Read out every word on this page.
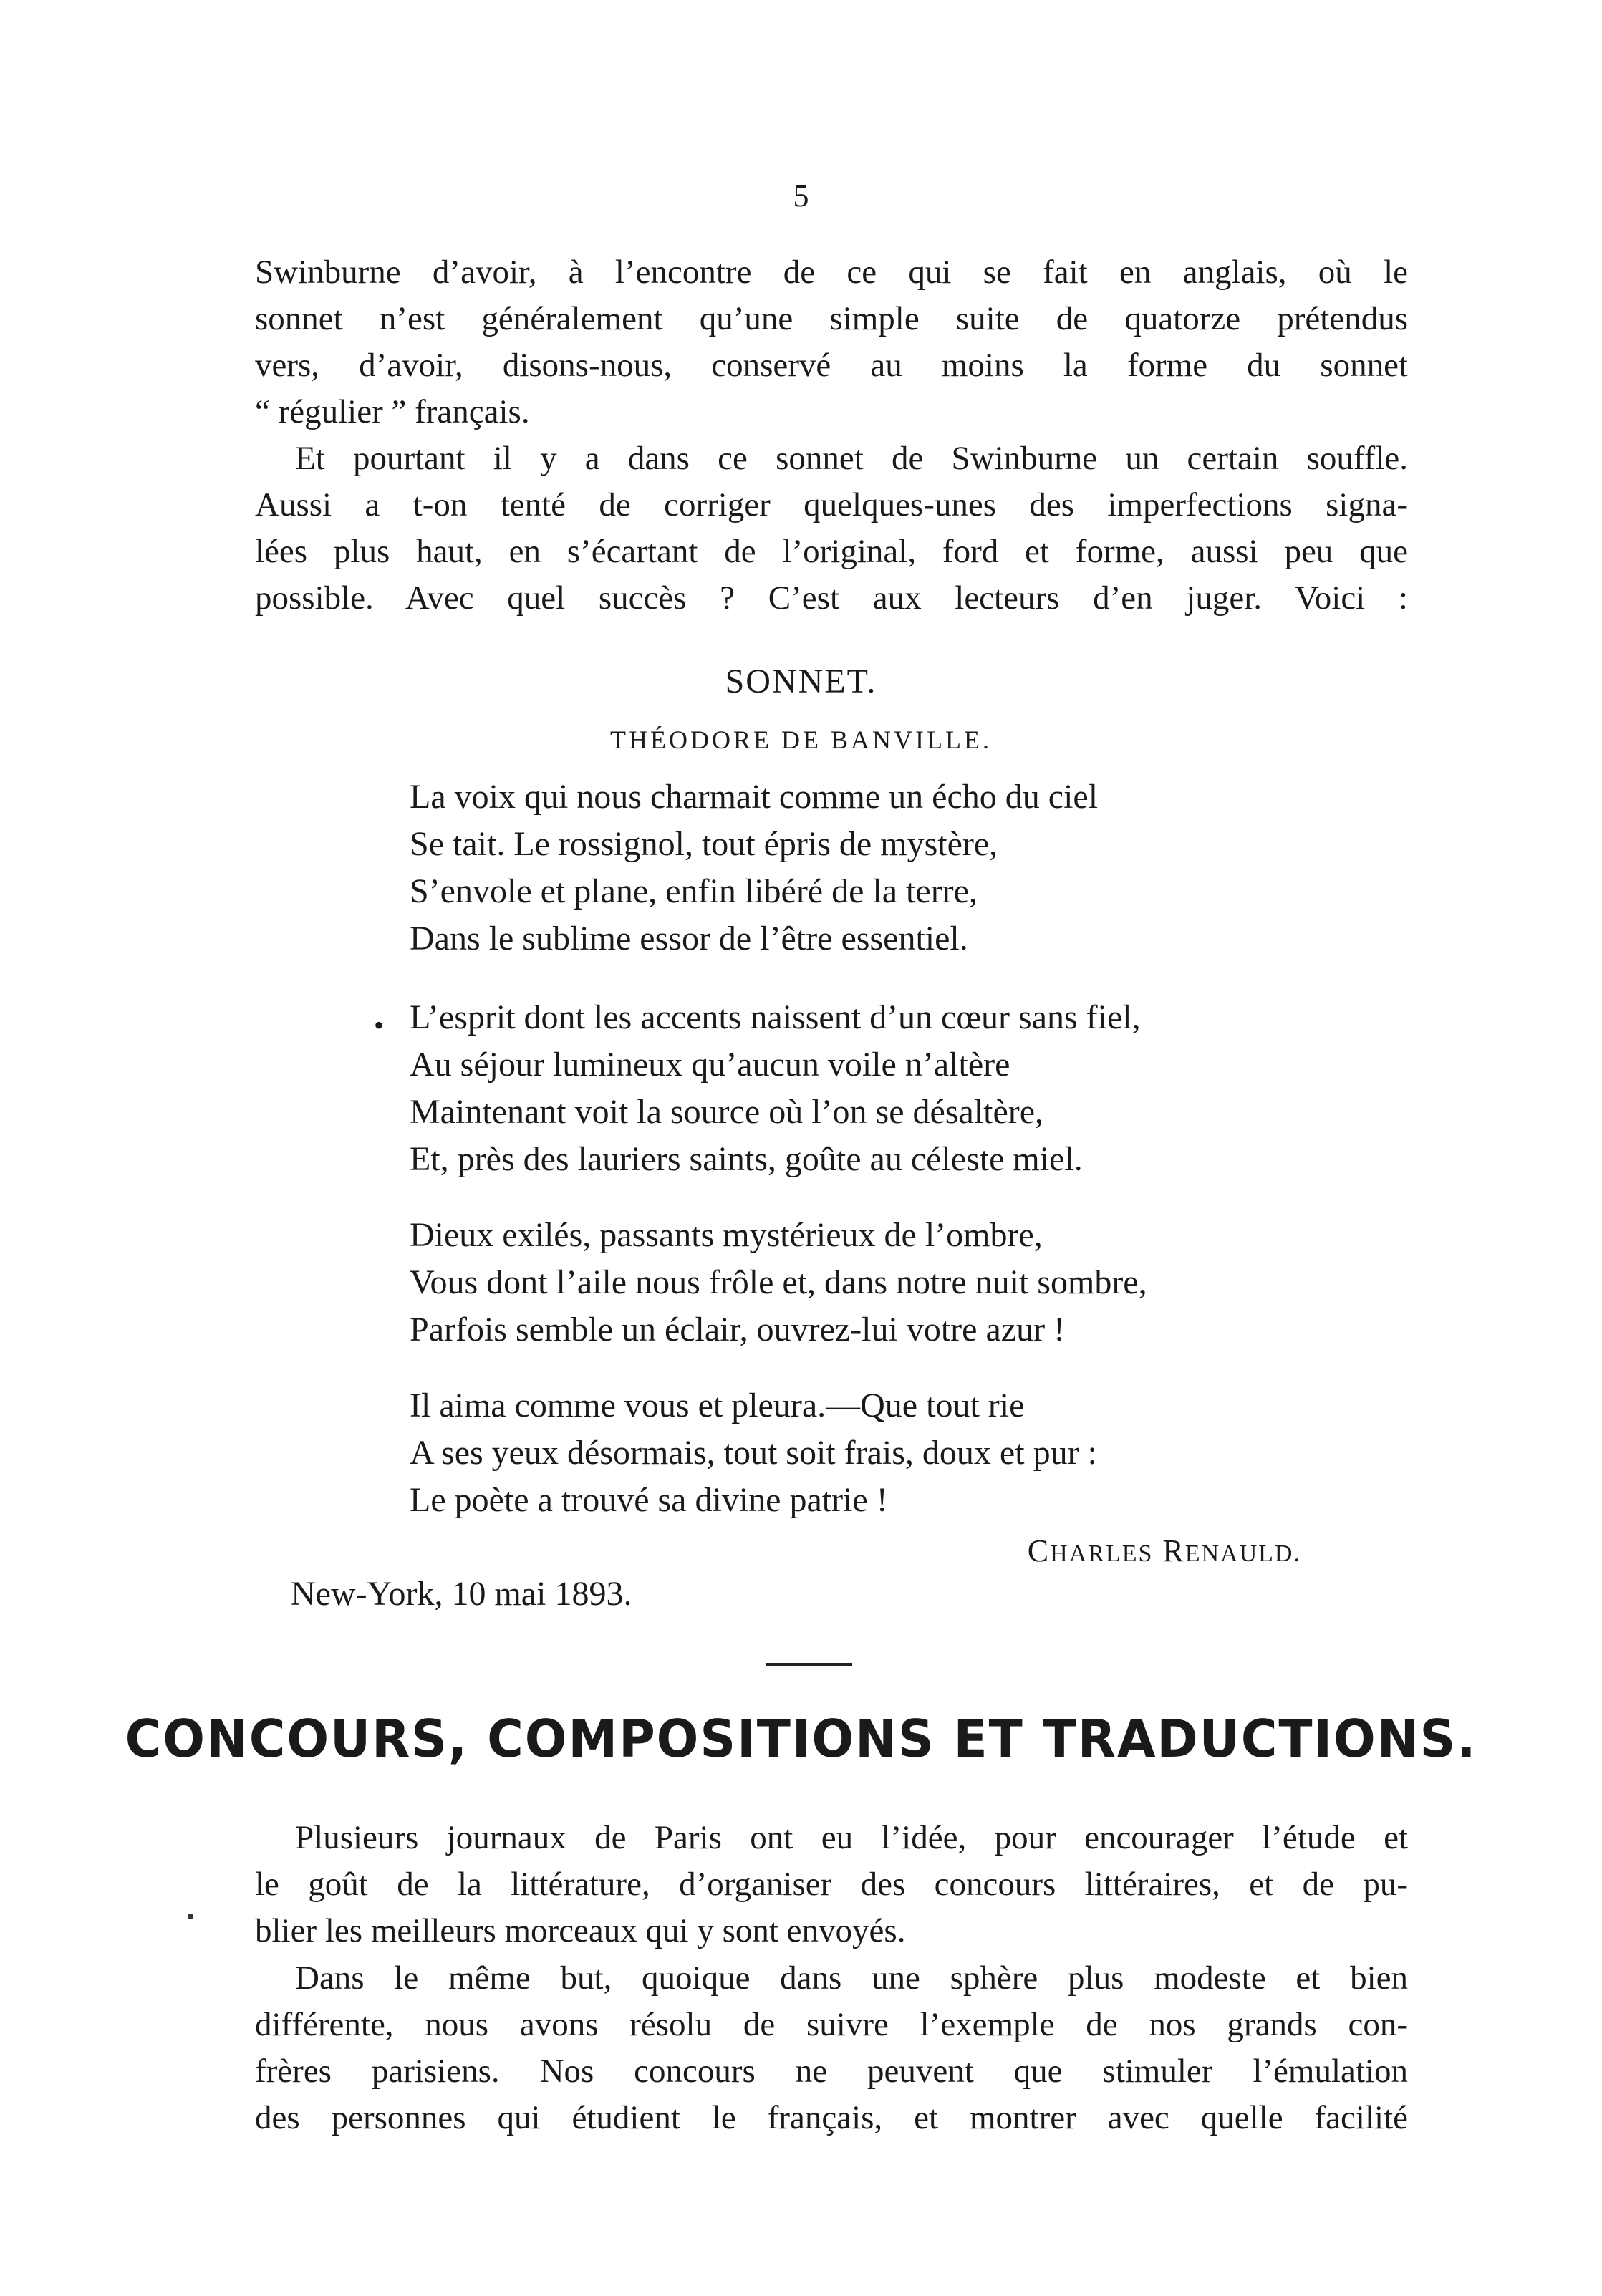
5
Swinburne d’avoir, à l’encontre de ce qui se fait en anglais, où le
sonnet n’est généralement qu’une simple suite de quatorze prétendus
vers, d’avoir, disons-nous, conservé au moins la forme du sonnet
“ régulier ” français.
Et pourtant il y a dans ce sonnet de Swinburne un certain souffle.
Aussi a t-on tenté de corriger quelques-unes des imperfections signa-
lées plus haut, en s’écartant de l’original, ford et forme, aussi peu que
possible. Avec quel succès ? C’est aux lecteurs d’en juger. Voici :
SONNET.
THÉODORE DE BANVILLE.
La voix qui nous charmait comme un écho du ciel
Se tait. Le rossignol, tout épris de mystère,
S’envole et plane, enfin libéré de la terre,
Dans le sublime essor de l’être essentiel.
• L’esprit dont les accents naissent d’un cœur sans fiel,
Au séjour lumineux qu’aucun voile n’altère
Maintenant voit la source où l’on se désaltère,
Et, près des lauriers saints, goûte au céleste miel.
Dieux exilés, passants mystérieux de l’ombre,
Vous dont l’aile nous frôle et, dans notre nuit sombre,
Parfois semble un éclair, ouvrez-lui votre azur !
Il aima comme vous et pleura.—Que tout rie
A ses yeux désormais, tout soit frais, doux et pur :
Le poète a trouvé sa divine patrie !
CHARLES RENAULD.
New-York, 10 mai 1893.
CONCOURS, COMPOSITIONS ET TRADUCTIONS.
Plusieurs journaux de Paris ont eu l’idée, pour encourager l’étude et
le goût de la littérature, d’organiser des concours littéraires, et de pu-
blier les meilleurs morceaux qui y sont envoyés.
Dans le même but, quoique dans une sphère plus modeste et bien
différente, nous avons résolu de suivre l’exemple de nos grands con-
frères parisiens. Nos concours ne peuvent que stimuler l’émulation
des personnes qui étudient le français, et montrer avec quelle facilité
